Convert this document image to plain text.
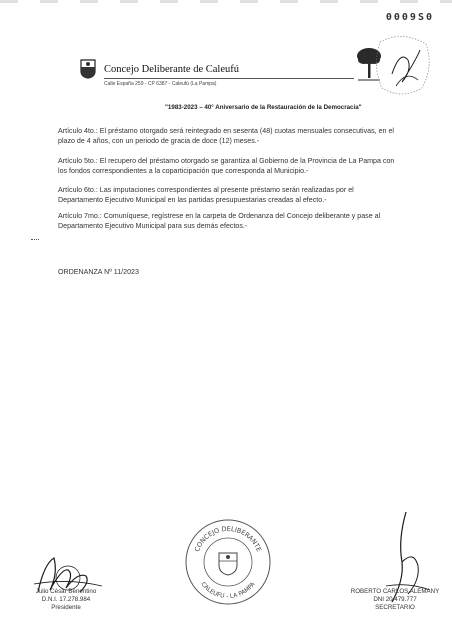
0009S0
Concejo Deliberante de Caleufú
Calle España 259 - CP 6387 - Caleufú (La Pampa)
"1983-2023 – 40° Aniversario de la Restauración de la Democracia"

Artículo 4to.: El préstamo otorgado será reintegrado en sesenta (48) cuotas mensuales consecutivas, en el plazo de 4 años, con un periodo de gracia de doce (12) meses.-

Artículo 5to.: El recupero del préstamo otorgado se garantiza al Gobierno de la Provincia de La Pampa con los fondos correspondientes a la coparticipación que corresponda al Municipio.-

Artículo 6to.: Las imputaciones correspondientes al presente préstamo serán realizadas por el Departamento Ejecutivo Municipal en las partidas presupuestarias creadas al efecto.-

Artículo 7mo.: Comuníquese, regístrese en la carpeta de Ordenanza del Concejo deliberante y pase al Departamento Ejecutivo Municipal para sus demás efectos.-

ORDENANZA Nº 11/2023
CONCEJO DELIBERANTE
CALEUFU - LA PAMPA
Julio César Benentino
D.N.I. 17.278.984
Presidente
ROBERTO CARLOS ALEMANY
DNI 20.479.777
SECRETARIO
